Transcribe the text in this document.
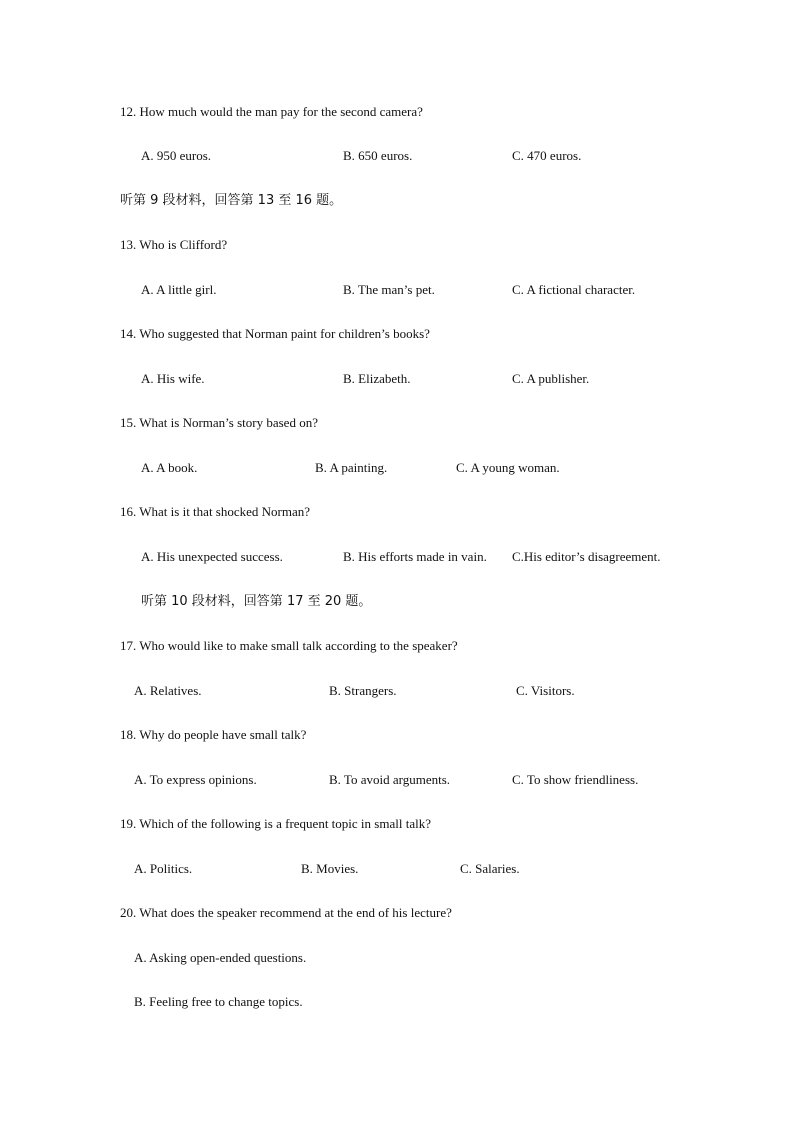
12. How much would the man pay for the second camera?
A. 950 euros.	B. 650 euros.	C. 470 euros.
听第 9 段材料，回答第 13 至 16 题。
13. Who is Clifford?
A. A little girl.	B. The man’s pet.	C. A fictional character.
14. Who suggested that Norman paint for children’s books?
A. His wife.	B. Elizabeth.	C. A publisher.
15. What is Norman’s story based on?
A. A book.	B. A painting.	C. A young woman.
16. What is it that shocked Norman?
A. His unexpected success.	B. His efforts made in vain. C.His editor’s disagreement.
听第 10 段材料，回答第 17 至 20 题。
17. Who would like to make small talk according to the speaker?
A. Relatives.	B. Strangers.	C. Visitors.
18. Why do people have small talk?
A. To express opinions.	B. To avoid arguments.	C. To show friendliness.
19. Which of the following is a frequent topic in small talk?
A. Politics.	B. Movies.	C. Salaries.
20. What does the speaker recommend at the end of his lecture?
A. Asking open-ended questions.
B. Feeling free to change topics.
